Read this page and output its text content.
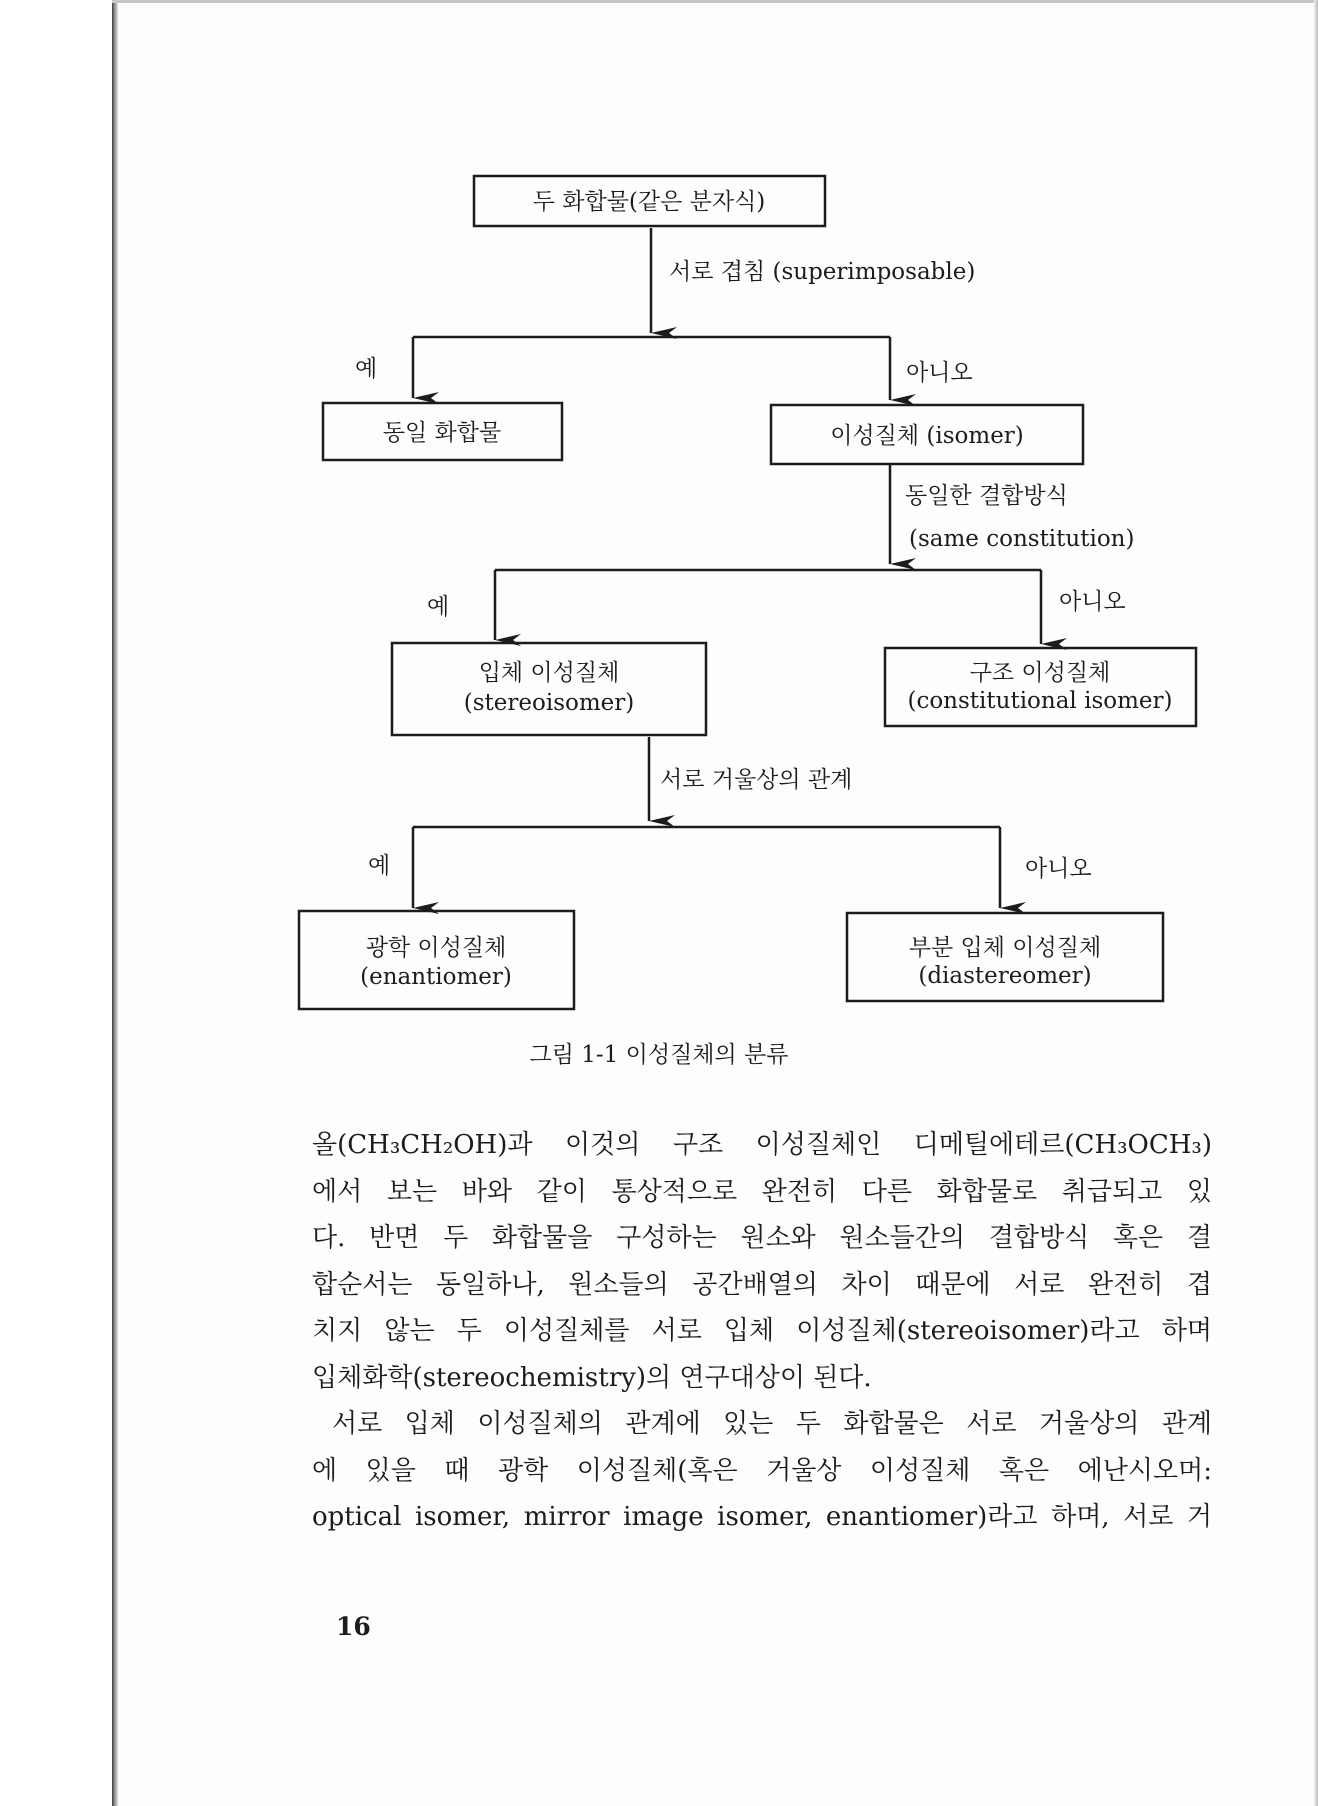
두 화합물(같은 분자식)
서로 겹침 (superimposable)
예	아니오
동일 화합물	이성질체 (isomer)
동일한 결합방식
(same constitution)
예	아니오
입체 이성질체
(stereoisomer)
구조 이성질체
(constitutional isomer)
서로 거울상의 관계
예	아니오
광학 이성질체
(enantiomer)
부분 입체 이성질체
(diastereomer)
그림 1-1 이성질체의 분류
올(CH₃CH₂OH)과 이것의 구조 이성질체인 디메틸에테르(CH₃OCH₃)
에서 보는 바와 같이 통상적으로 완전히 다른 화합물로 취급되고 있
다. 반면 두 화합물을 구성하는 원소와 원소들간의 결합방식 혹은 결
합순서는 동일하나, 원소들의 공간배열의 차이 때문에 서로 완전히 겹
치지 않는 두 이성질체를 서로 입체 이성질체(stereoisomer)라고 하며
입체화학(stereochemistry)의 연구대상이 된다.
서로 입체 이성질체의 관계에 있는 두 화합물은 서로 거울상의 관계
에 있을 때 광학 이성질체(혹은 거울상 이성질체 혹은 에난시오머:
optical isomer, mirror image isomer, enantiomer)라고 하며, 서로 거
16
